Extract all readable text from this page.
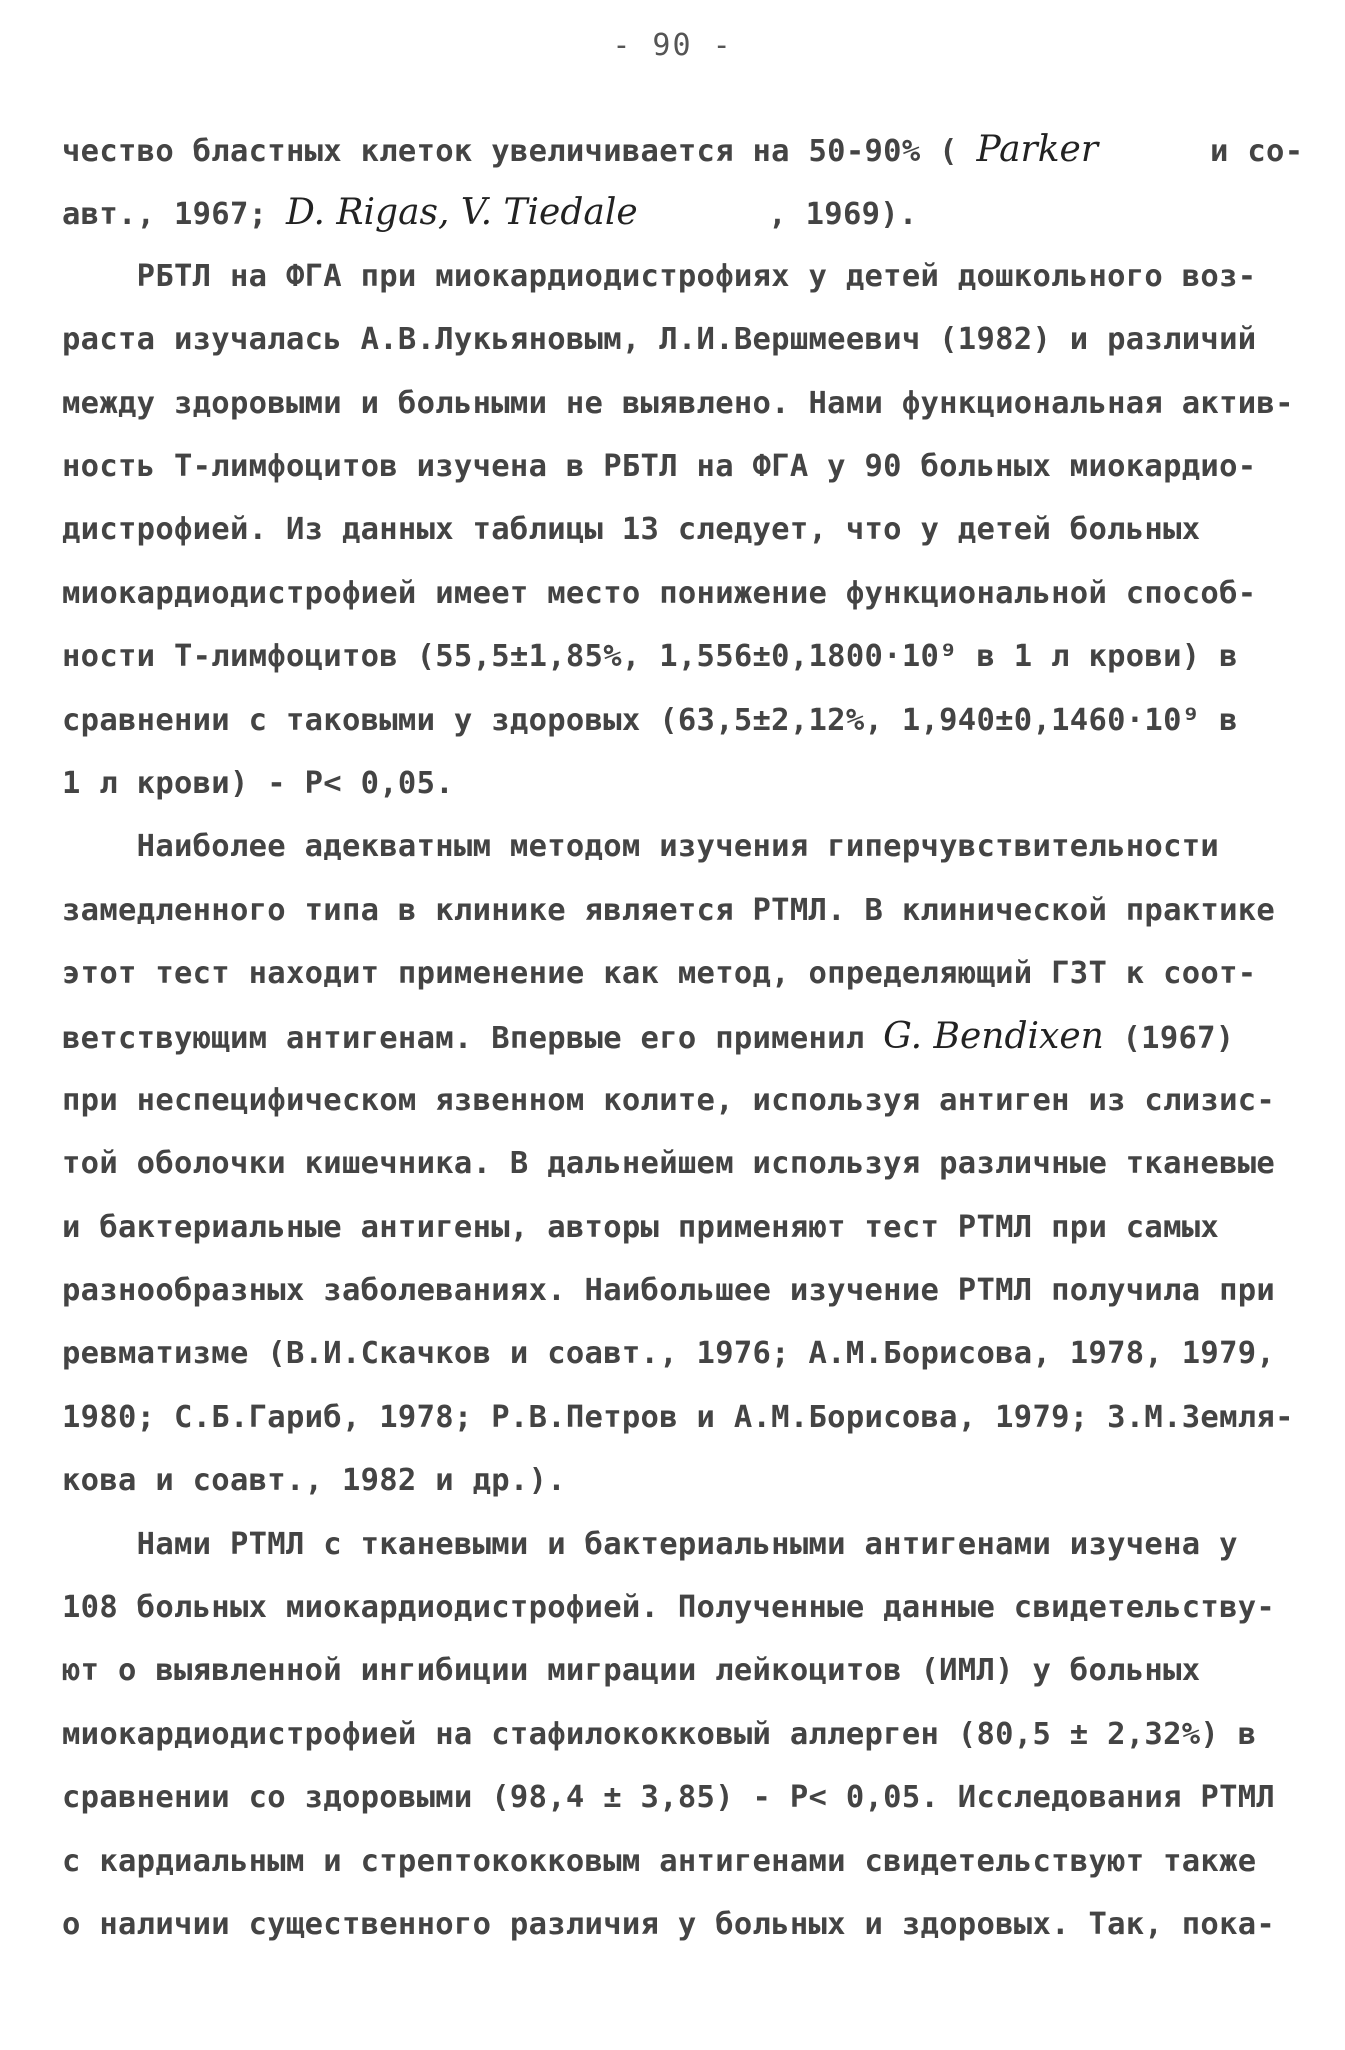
- 90 -
чество бластных клеток увеличивается на 50-90% ( Parker      и со-
авт., 1967; D. Rigas, V. Tiedale       , 1969).
РБТЛ на ФГА при миокардиодистрофиях у детей дошкольного воз-
раста изучалась А.В.Лукьяновым, Л.И.Вершмеевич (1982) и различий
между здоровыми и больными не выявлено. Нами функциональная актив-
ность Т-лимфоцитов изучена в РБТЛ на ФГА у 90 больных миокардио-
дистрофией. Из данных таблицы 13 следует, что у детей больных
миокардиодистрофией имеет место понижение функциональной способ-
ности Т-лимфоцитов (55,5±1,85%, 1,556±0,1800·10⁹ в 1 л крови) в
сравнении с таковыми у здоровых (63,5±2,12%, 1,940±0,1460·10⁹ в
1 л крови) - Р< 0,05.
Наиболее адекватным методом изучения гиперчувствительности
замедленного типа в клинике является РТМЛ. В клинической практике
этот тест находит применение как метод, определяющий ГЗТ к соот-
ветствующим антигенам. Впервые его применил G. Bendixen (1967)
при неспецифическом язвенном колите, используя антиген из слизис-
той оболочки кишечника. В дальнейшем используя различные тканевые
и бактериальные антигены, авторы применяют тест РТМЛ при самых
разнообразных заболеваниях. Наибольшее изучение РТМЛ получила при
ревматизме (В.И.Скачков и соавт., 1976; А.М.Борисова, 1978, 1979,
1980; С.Б.Гариб, 1978; Р.В.Петров и А.М.Борисова, 1979; З.М.Земля-
кова и соавт., 1982 и др.).
Нами РТМЛ с тканевыми и бактериальными антигенами изучена у
108 больных миокардиодистрофией. Полученные данные свидетельству-
ют о выявленной ингибиции миграции лейкоцитов (ИМЛ) у больных
миокардиодистрофией на стафилококковый аллерген (80,5 ± 2,32%) в
сравнении со здоровыми (98,4 ± 3,85) - Р< 0,05. Исследования РТМЛ
с кардиальным и стрептококковым антигенами свидетельствуют также
о наличии существенного различия у больных и здоровых. Так, пока-
